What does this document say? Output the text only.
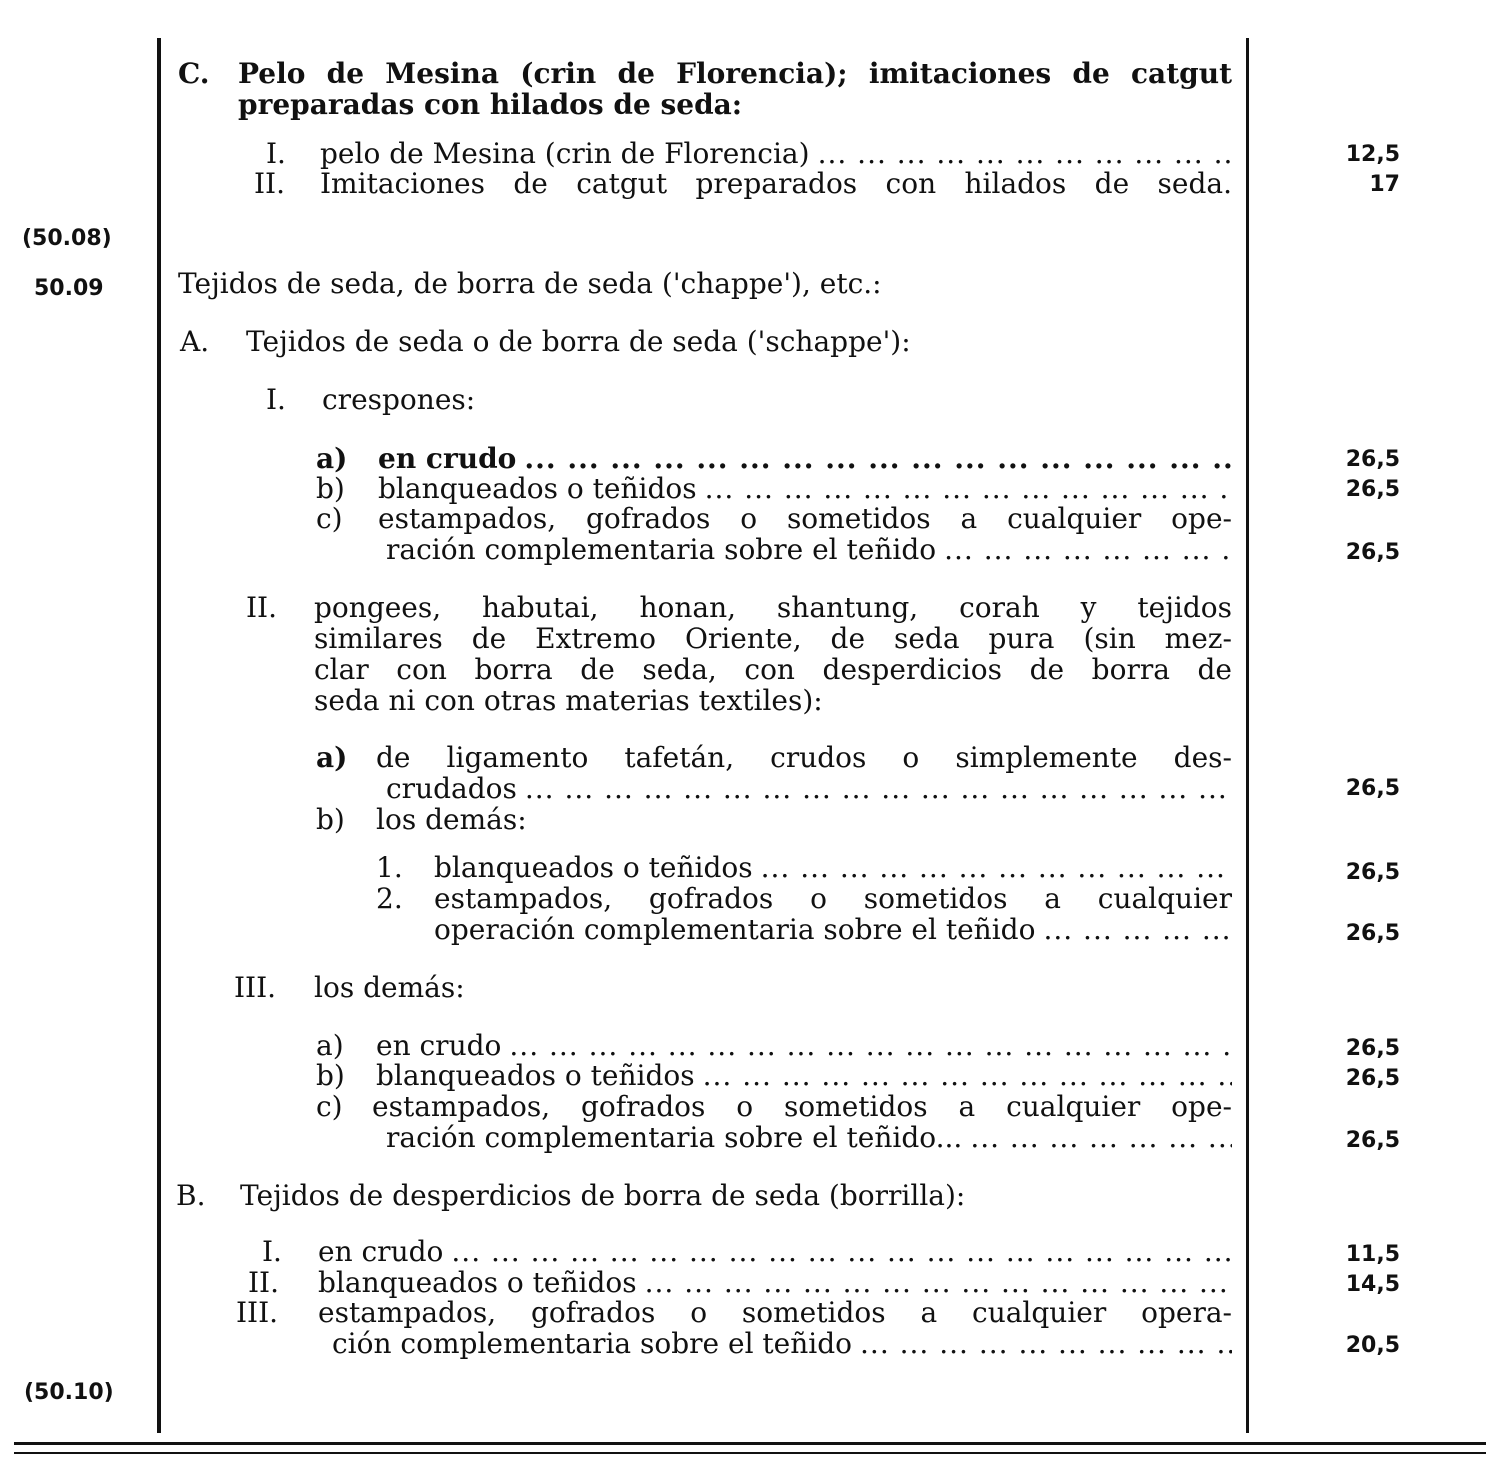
(50.08)
50.09
(50.10)
C. Pelo de Mesina (crin de Florencia); imitaciones de catgut
preparadas con hilados de seda:
I. pelo de Mesina (crin de Florencia) ... .	12,5
II. Imitaciones de catgut preparados con hilados de seda.	17
Tejidos de seda, de borra de seda ('chappe'), etc.:
A. Tejidos de seda o de borra de seda ('schappe'):
I. crespones:
a) en crudo ... .	26,5
b) blanqueados o teñidos ... .	26,5
c) estampados, gofrados o sometidos a cualquier ope-
ración complementaria sobre el teñido ... .	26,5
II. pongees, habutai, honan, shantung, corah y tejidos
similares de Extremo Oriente, de seda pura (sin mez-
clar con borra de seda, con desperdicios de borra de
seda ni con otras materias textiles):
a) de ligamento tafetán, crudos o simplemente des-
crudados ... .	26,5
b) los demás:
1. blanqueados o teñidos ... .	26,5
2. estampados, gofrados o sometidos a cualquier
operación complementaria sobre el teñido ... .	26,5
III. los demás:
a) en crudo ... .	26,5
b) blanqueados o teñidos ... .	26,5
c) estampados, gofrados o sometidos a cualquier ope-
ración complementaria sobre el teñido... ... .	26,5
B. Tejidos de desperdicios de borra de seda (borrilla):
I. en crudo ... .	11,5
II. blanqueados o teñidos ... .	14,5
III. estampados, gofrados o sometidos a cualquier opera-
ción complementaria sobre el teñido ... .	20,5
